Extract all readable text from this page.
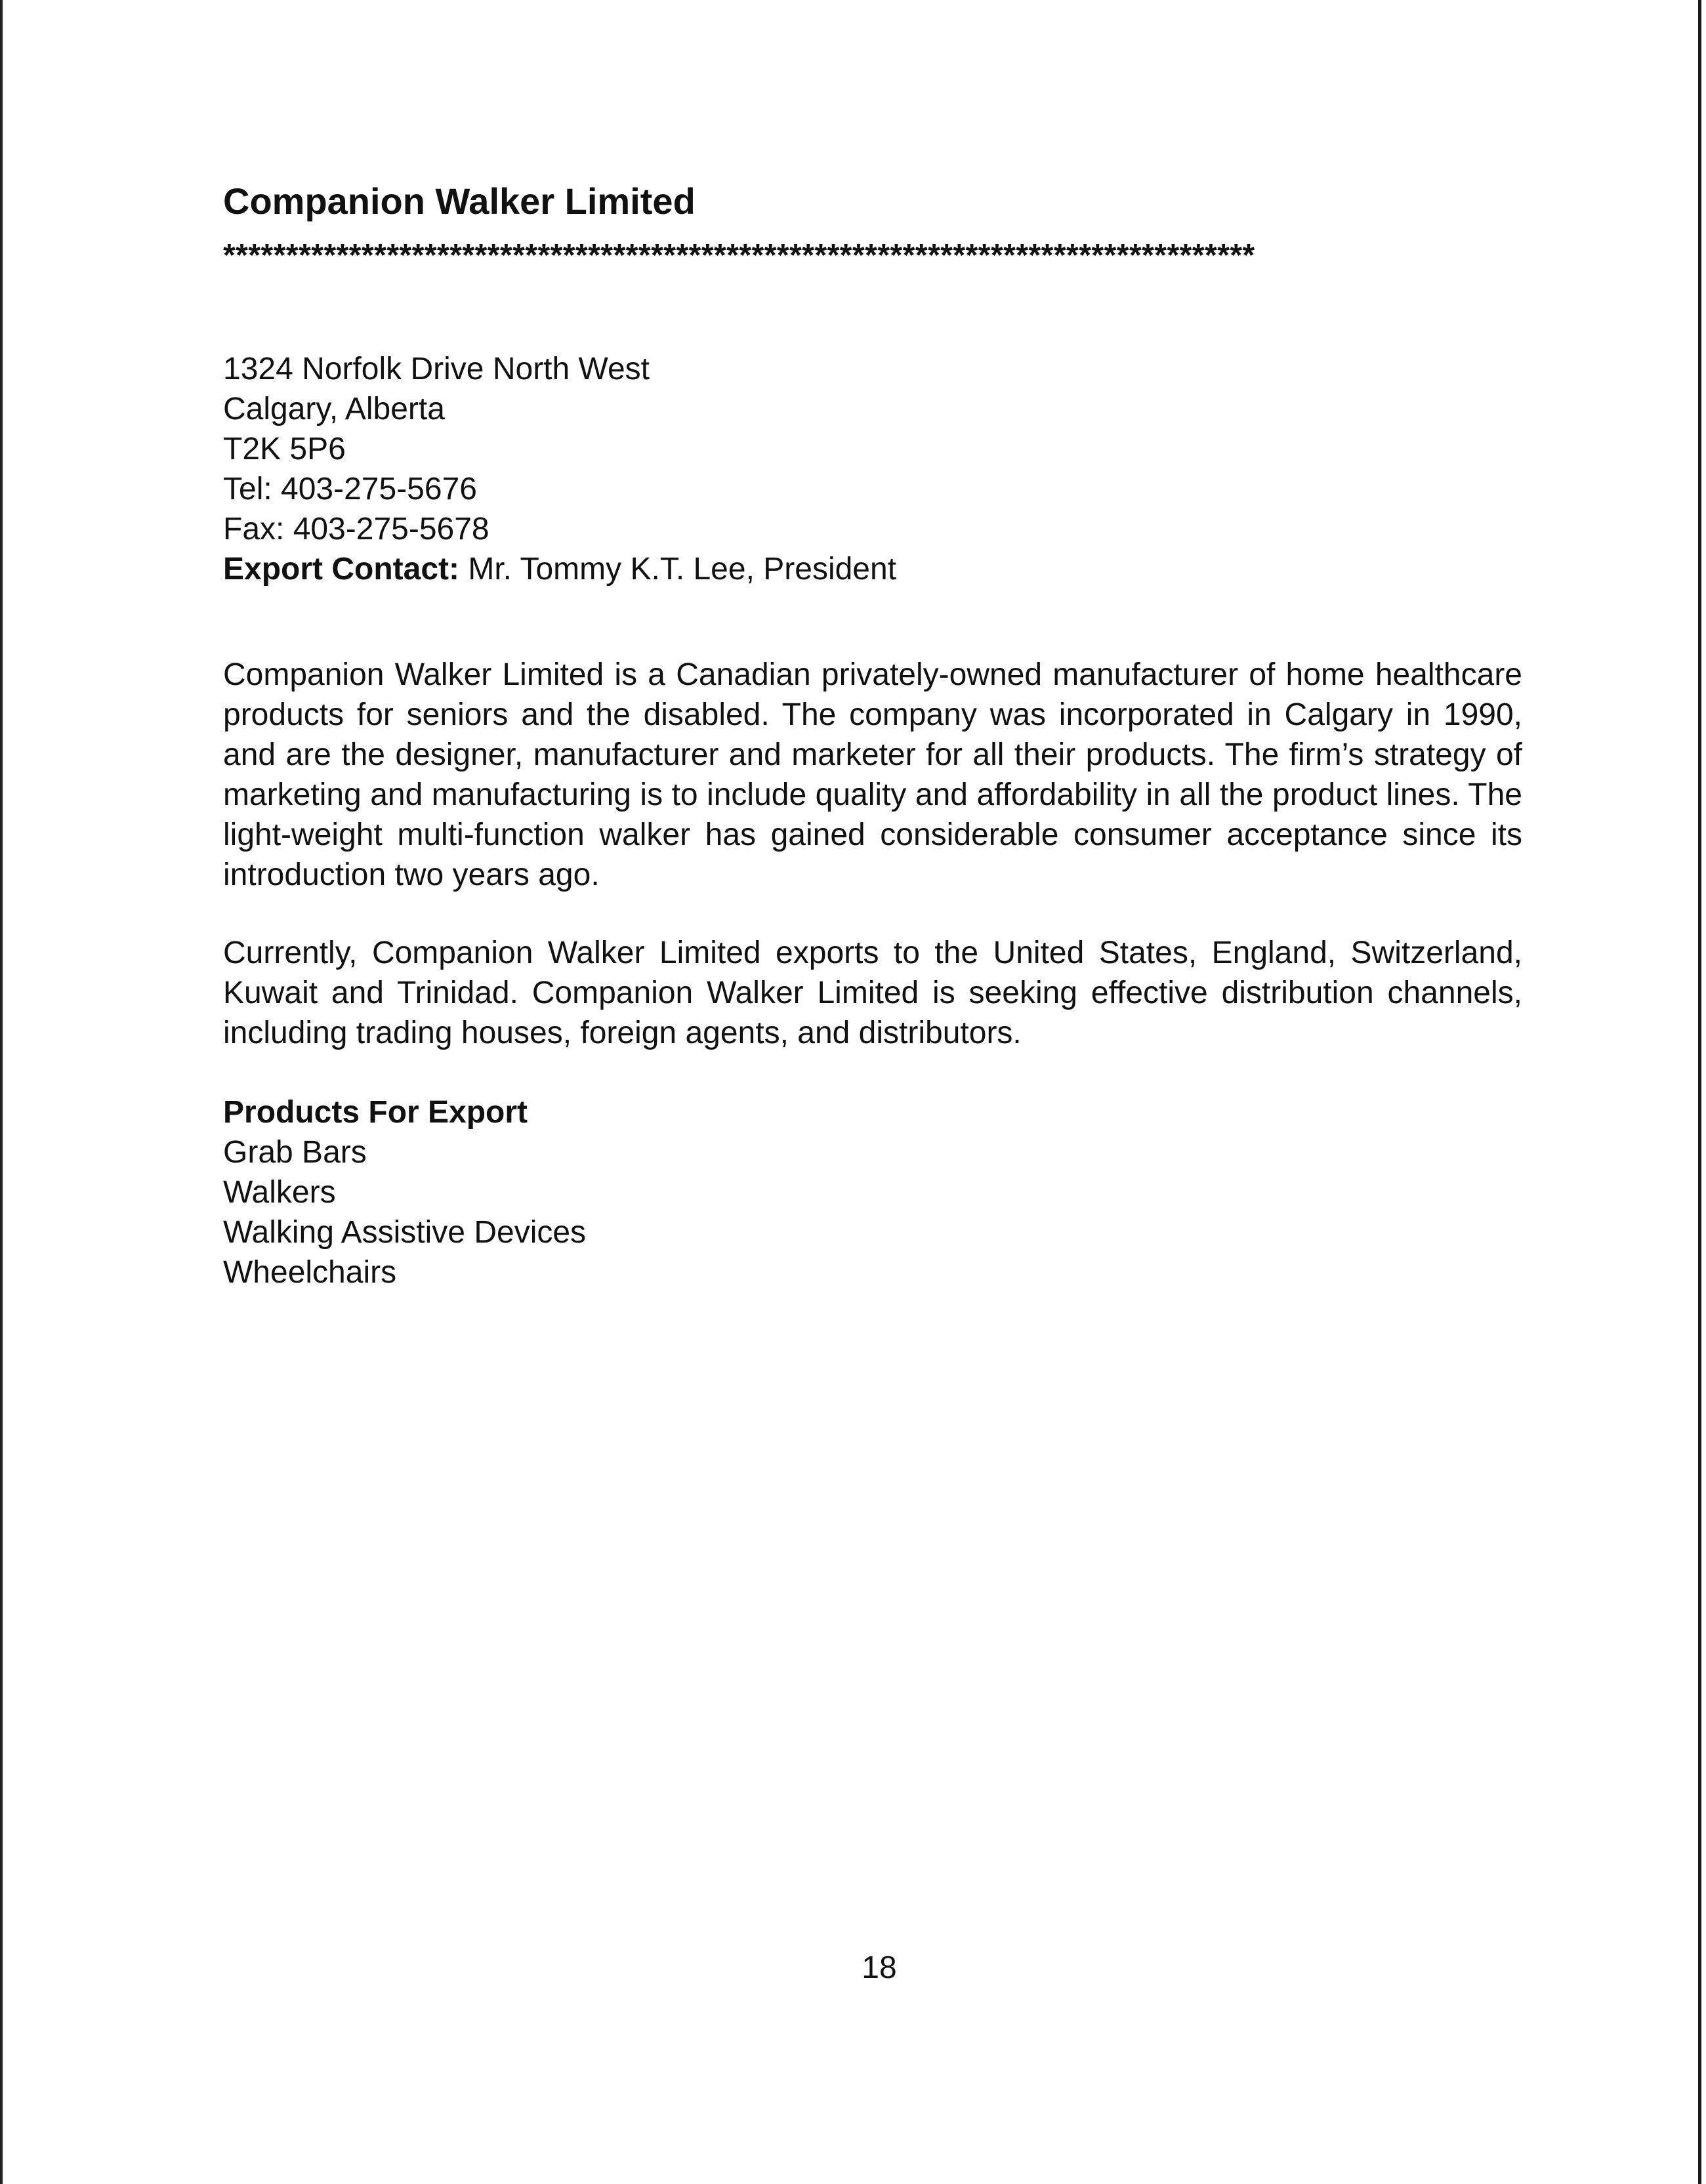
Companion Walker Limited
**********************************************************************************
1324 Norfolk Drive North West
Calgary, Alberta
T2K 5P6
Tel: 403-275-5676
Fax: 403-275-5678
Export Contact: Mr. Tommy K.T. Lee, President

Companion Walker Limited is a Canadian privately-owned manufacturer of home healthcare products for seniors and the disabled. The company was incorporated in Calgary in 1990, and are the designer, manufacturer and marketer for all their products. The firm’s strategy of marketing and manufacturing is to include quality and affordability in all the product lines. The light-weight multi-function walker has gained considerable consumer acceptance since its introduction two years ago.

Currently, Companion Walker Limited exports to the United States, England, Switzerland, Kuwait and Trinidad. Companion Walker Limited is seeking effective distribution channels, including trading houses, foreign agents, and distributors.

Products For Export
Grab Bars
Walkers
Walking Assistive Devices
Wheelchairs
18
